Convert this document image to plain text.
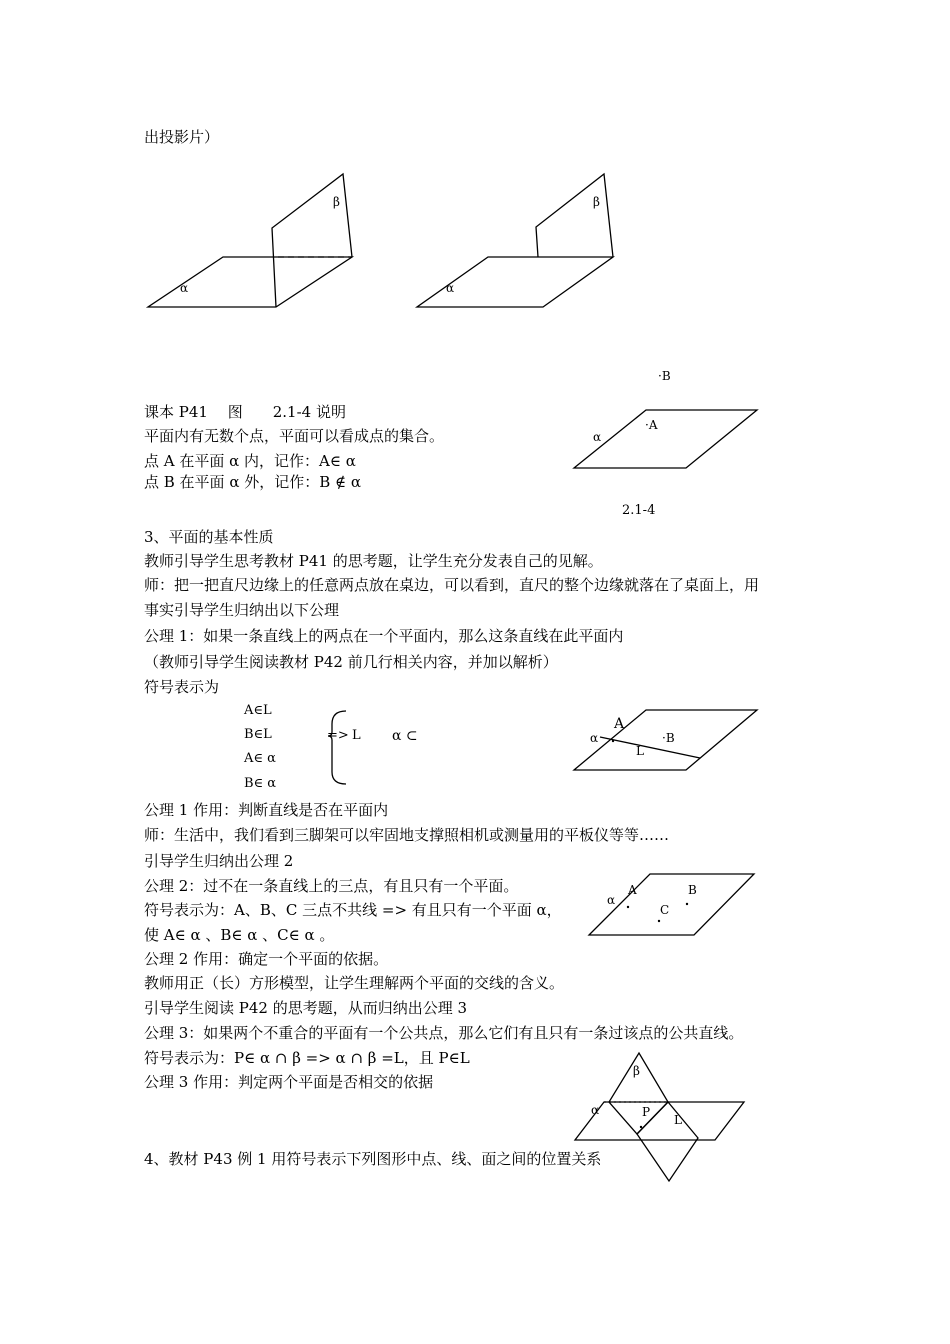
出投影片）
课本 P41　 图　　2.1-4 说明
平面内有无数个点，平面可以看成点的集合。
点 A 在平面 α 内，记作：A∈ α
点 B 在平面 α 外，记作：B ∉ α
3、平面的基本性质
教师引导学生思考教材 P41 的思考题，让学生充分发表自己的见解。
师：把一把直尺边缘上的任意两点放在桌边，可以看到，直尺的整个边缘就落在了桌面上，用
事实引导学生归纳出以下公理
公理 1：如果一条直线上的两点在一个平面内，那么这条直线在此平面内
（教师引导学生阅读教材 P42 前几行相关内容，并加以解析）
符号表示为
公理 1 作用：判断直线是否在平面内
师：生活中，我们看到三脚架可以牢固地支撑照相机或测量用的平板仪等等……
引导学生归纳出公理 2
公理 2：过不在一条直线上的三点，有且只有一个平面。
符号表示为：A、B、C 三点不共线 => 有且只有一个平面 α，
使 A∈ α 、B∈ α 、C∈ α 。
公理 2 作用：确定一个平面的依据。
教师用正（长）方形模型，让学生理解两个平面的交线的含义。
引导学生阅读 P42 的思考题，从而归纳出公理 3
公理 3：如果两个不重合的平面有一个公共点，那么它们有且只有一条过该点的公共直线。
符号表示为：P∈ α ∩ β => α ∩ β =L，且 P∈L
公理 3 作用：判定两个平面是否相交的依据
4、教材 P43 例 1 用符号表示下列图形中点、线、面之间的位置关系
A∈L
B∈L
A∈ α
B∈ α
=> L α ⊂
α
β
α
β
·B
·A
α
2.1-4
α
A
·B
L
α
A	B
C
α
β
P
L
